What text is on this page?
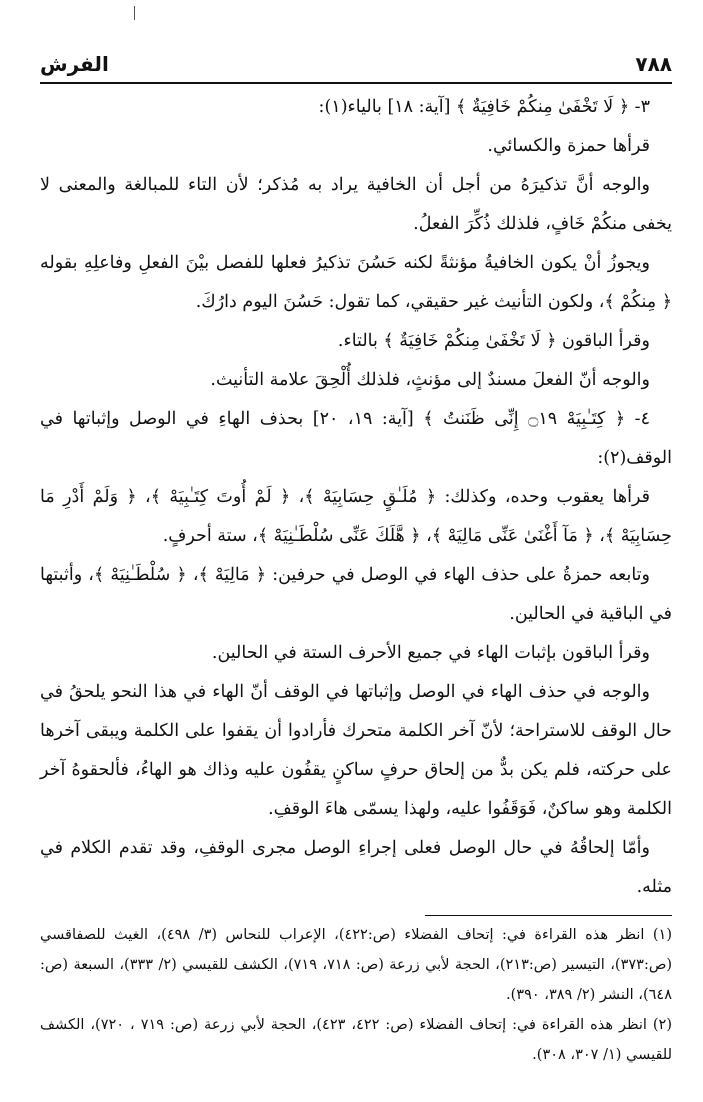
٧٨٨
الفرش

٣- ﴿ لَا تَخْفَىٰ مِنكُمْ خَافِيَةٌ ﴾ [آية: ١٨] بالياء(١):

قرأها حمزة والكسائي.

والوجه أنَّ تذكيرَهُ من أجل أن الخافية يراد به مُذكر؛ لأن التاء للمبالغة والمعنى لا يخفى منكُمْ خَافٍ، فلذلك ذُكِّرَ الفعلُ.

ويجوزُ أنْ يكون الخافيةُ مؤنثةً لكنه حَسُنَ تذكيرُ فعلها للفصل بيْنَ الفعلِ وفاعلِهِ بقوله ﴿ مِنكُمْ ﴾، ولكون التأنيث غير حقيقي، كما تقول: حَسُنَ اليوم دارُكَ.

وقرأ الباقون ﴿ لَا تَخْفَىٰ مِنكُمْ خَافِيَةٌ ﴾ بالتاء.

والوجه أنّ الفعلَ مسندٌ إلى مؤنثٍ، فلذلك أُلْحِقَ علامة التأنيث.

٤- ﴿ كِتَـٰبِيَهْ ۝١٩ إِنِّى ظَنَنتُ ﴾ [آية: ١٩، ٢٠] بحذف الهاءِ في الوصل وإثباتها في الوقف(٢):

قرأها يعقوب وحده، وكذلك: ﴿ مُلَـٰقٍ حِسَابِيَهْ ﴾، ﴿ لَمْ أُوتَ كِتَـٰبِيَهْ ﴾، ﴿ وَلَمْ أَدْرِ مَا حِسَابِيَهْ ﴾، ﴿ مَآ أَغْنَىٰ عَنِّى مَالِيَهْ ﴾، ﴿ هَّلَكَ عَنِّى سُلْطَـٰنِيَهْ ﴾، ستة أحرفٍ.

وتابعه حمزةُ على حذف الهاء في الوصل في حرفين: ﴿ مَالِيَهْ ﴾، ﴿ سُلْطَـٰنِيَهْ ﴾، وأثبتها في الباقية في الحالين.

وقرأ الباقون بإثبات الهاء في جميع الأحرف الستة في الحالين.

والوجه في حذف الهاء في الوصل وإثباتها في الوقف أنّ الهاء في هذا النحو يلحقُ في حال الوقف للاستراحة؛ لأنّ آخر الكلمة متحرك فأرادوا أن يقفوا على الكلمة ويبقى آخرها على حركته، فلم يكن بدٌّ من إلحاق حرفٍ ساكنٍ يقفُون عليه وذاك هو الهاءُ، فألحقوهُ آخر الكلمة وهو ساكنٌ، فَوَقَفُوا عليه، ولهذا يسمّى هاءَ الوقفِ.

وأمّا إلحاقُهُ في حال الوصل فعلى إجراءِ الوصل مجرى الوقفِ، وقد تقدم الكلام في مثله.

(١) انظر هذه القراءة في: إتحاف الفضلاء (ص:٤٢٢)، الإعراب للنحاس (٣/ ٤٩٨)، الغيث للصفاقسي (ص:٣٧٣)، التيسير (ص:٢١٣)، الحجة لأبي زرعة (ص: ٧١٨، ٧١٩)، الكشف للقيسي (٢/ ٣٣٣)، السبعة (ص: ٦٤٨)، النشر (٢/ ٣٨٩، ٣٩٠).

(٢) انظر هذه القراءة في: إتحاف الفضلاء (ص: ٤٢٢، ٤٢٣)، الحجة لأبي زرعة (ص: ٧١٩ ، ٧٢٠)، الكشف للقيسي (١/ ٣٠٧، ٣٠٨).
